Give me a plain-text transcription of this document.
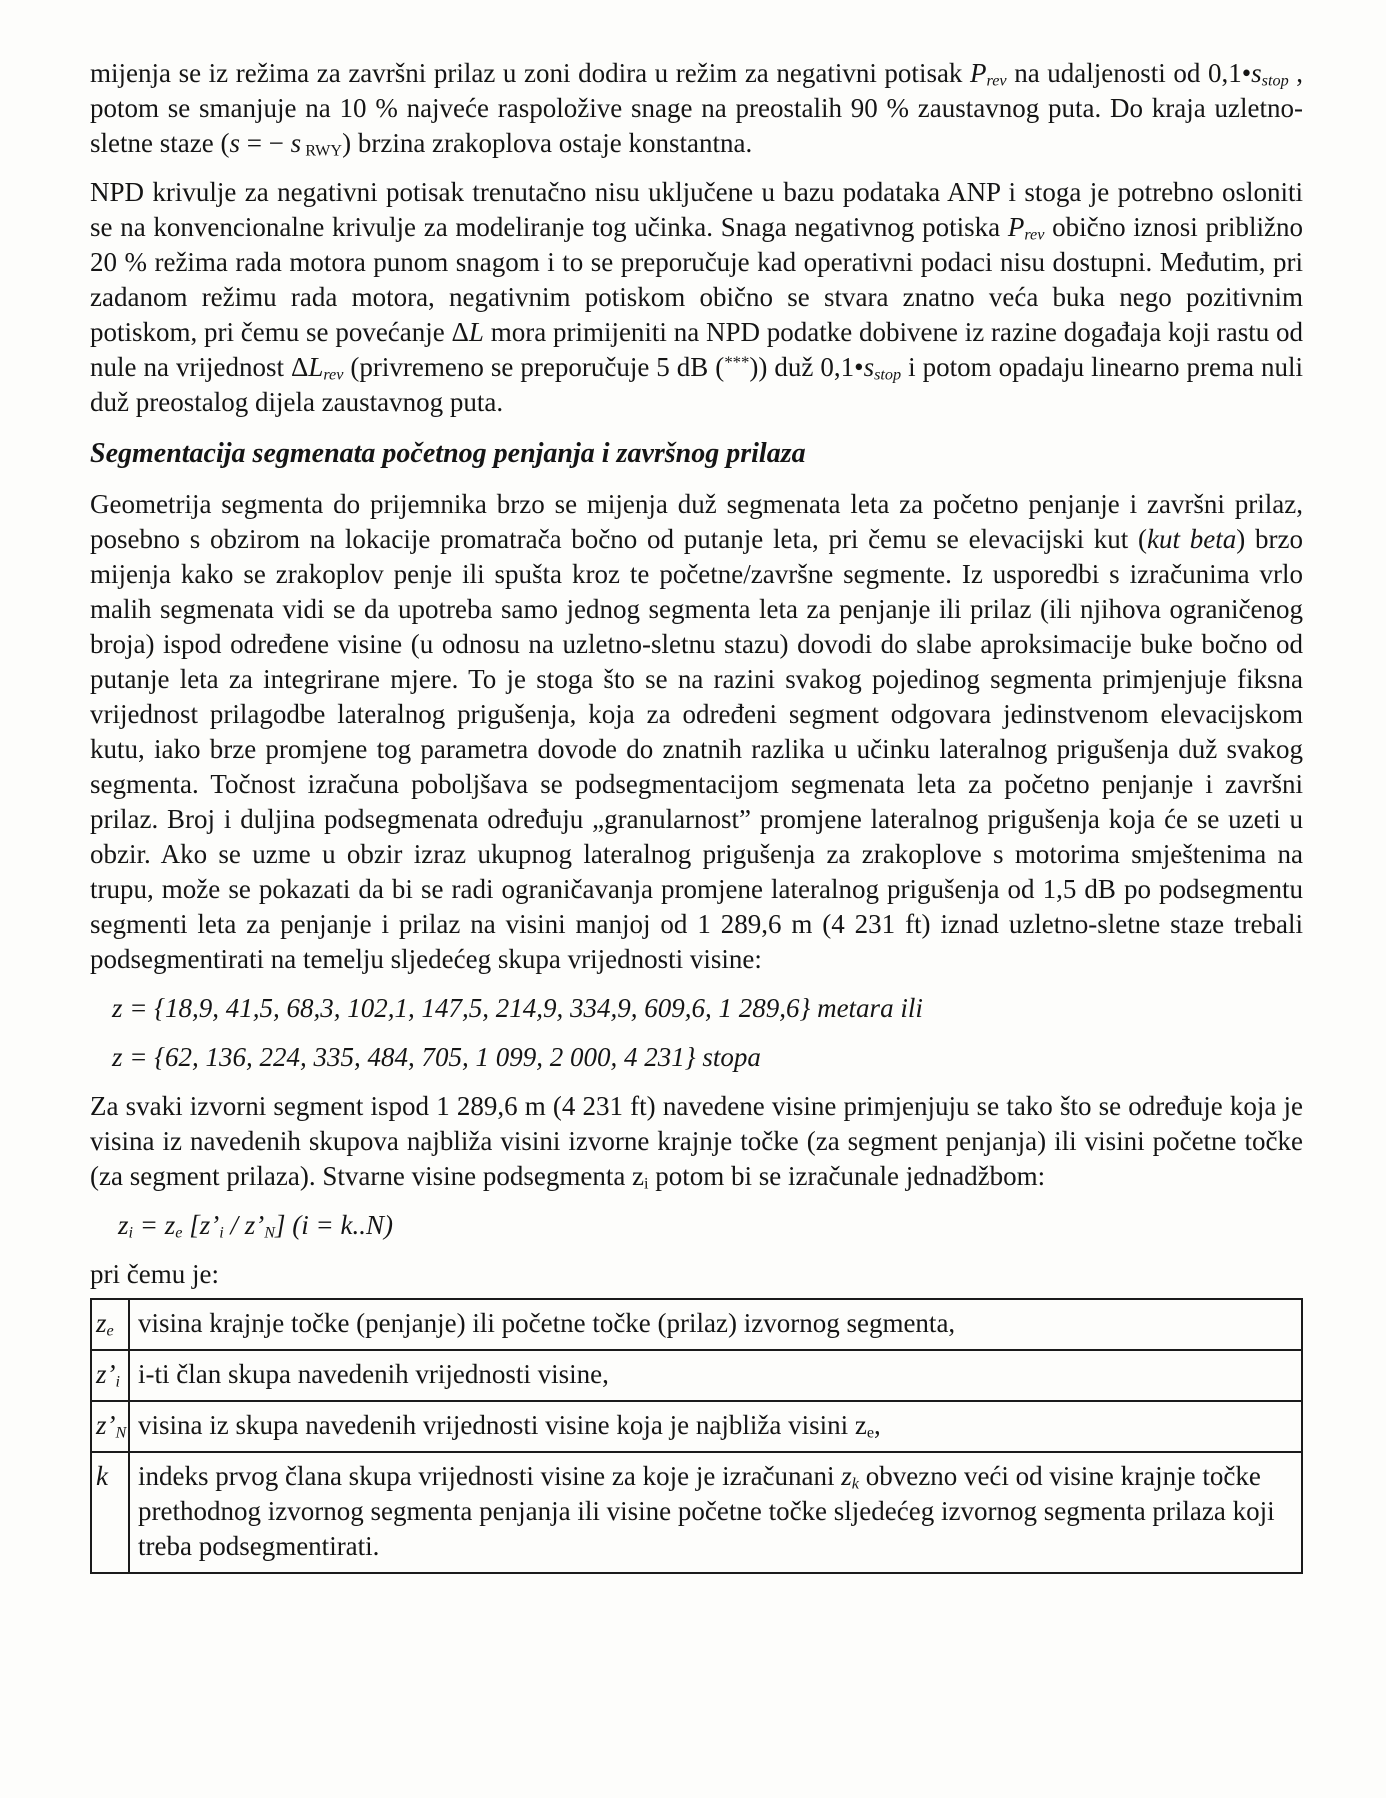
mijenja se iz režima za završni prilaz u zoni dodira u režim za negativni potisak Prev na udaljenosti od 0,1•sstop , potom se smanjuje na 10 % najveće raspoložive snage na preostalih 90 % zaustavnog puta. Do kraja uzletno-sletne staze (s = − s RWY) brzina zrakoplova ostaje konstantna.

NPD krivulje za negativni potisak trenutačno nisu uključene u bazu podataka ANP i stoga je potrebno osloniti se na konvencionalne krivulje za modeliranje tog učinka. Snaga negativnog potiska Prev obično iznosi približno 20 % režima rada motora punom snagom i to se preporučuje kad operativni podaci nisu dostupni. Međutim, pri zadanom režimu rada motora, negativnim potiskom obično se stvara znatno veća buka nego pozitivnim potiskom, pri čemu se povećanje ΔL mora primijeniti na NPD podatke dobivene iz razine događaja koji rastu od nule na vrijednost ΔLrev (privremeno se preporučuje 5 dB (***)) duž 0,1•sstop i potom opadaju linearno prema nuli duž preostalog dijela zaustavnog puta.

Segmentacija segmenata početnog penjanja i završnog prilaza

Geometrija segmenta do prijemnika brzo se mijenja duž segmenata leta za početno penjanje i završni prilaz, posebno s obzirom na lokacije promatrača bočno od putanje leta, pri čemu se elevacijski kut (kut beta) brzo mijenja kako se zrakoplov penje ili spušta kroz te početne/završne segmente. Iz usporedbi s izračunima vrlo malih segmenata vidi se da upotreba samo jednog segmenta leta za penjanje ili prilaz (ili njihova ograničenog broja) ispod određene visine (u odnosu na uzletno-sletnu stazu) dovodi do slabe aproksimacije buke bočno od putanje leta za integrirane mjere. To je stoga što se na razini svakog pojedinog segmenta primjenjuje fiksna vrijednost prilagodbe lateralnog prigušenja, koja za određeni segment odgovara jedinstvenom elevacijskom kutu, iako brze promjene tog parametra dovode do znatnih razlika u učinku lateralnog prigušenja duž svakog segmenta. Točnost izračuna poboljšava se podsegmentacijom segmenata leta za početno penjanje i završni prilaz. Broj i duljina podsegmenata određuju „granularnost” promjene lateralnog prigušenja koja će se uzeti u obzir. Ako se uzme u obzir izraz ukupnog lateralnog prigušenja za zrakoplove s motorima smještenima na trupu, može se pokazati da bi se radi ograničavanja promjene lateralnog prigušenja od 1,5 dB po podsegmentu segmenti leta za penjanje i prilaz na visini manjoj od 1 289,6 m (4 231 ft) iznad uzletno-sletne staze trebali podsegmentirati na temelju sljedećeg skupa vrijednosti visine:

z = {18,9, 41,5, 68,3, 102,1, 147,5, 214,9, 334,9, 609,6, 1 289,6} metara ili

z = {62, 136, 224, 335, 484, 705, 1 099, 2 000, 4 231} stopa

Za svaki izvorni segment ispod 1 289,6 m (4 231 ft) navedene visine primjenjuju se tako što se određuje koja je visina iz navedenih skupova najbliža visini izvorne krajnje točke (za segment penjanja) ili visini početne točke (za segment prilaza). Stvarne visine podsegmenta zi potom bi se izračunale jednadžbom:

zi = ze [z’i / z’N] (i = k..N)

pri čemu je:

ze	visina krajnje točke (penjanje) ili početne točke (prilaz) izvornog segmenta,
z’i	i-ti član skupa navedenih vrijednosti visine,
z’N	visina iz skupa navedenih vrijednosti visine koja je najbliža visini ze,
k	indeks prvog člana skupa vrijednosti visine za koje je izračunani zk obvezno veći od visine krajnje točke prethodnog izvornog segmenta penjanja ili visine početne točke sljedećeg izvornog segmenta prilaza koji treba podsegmentirati.
